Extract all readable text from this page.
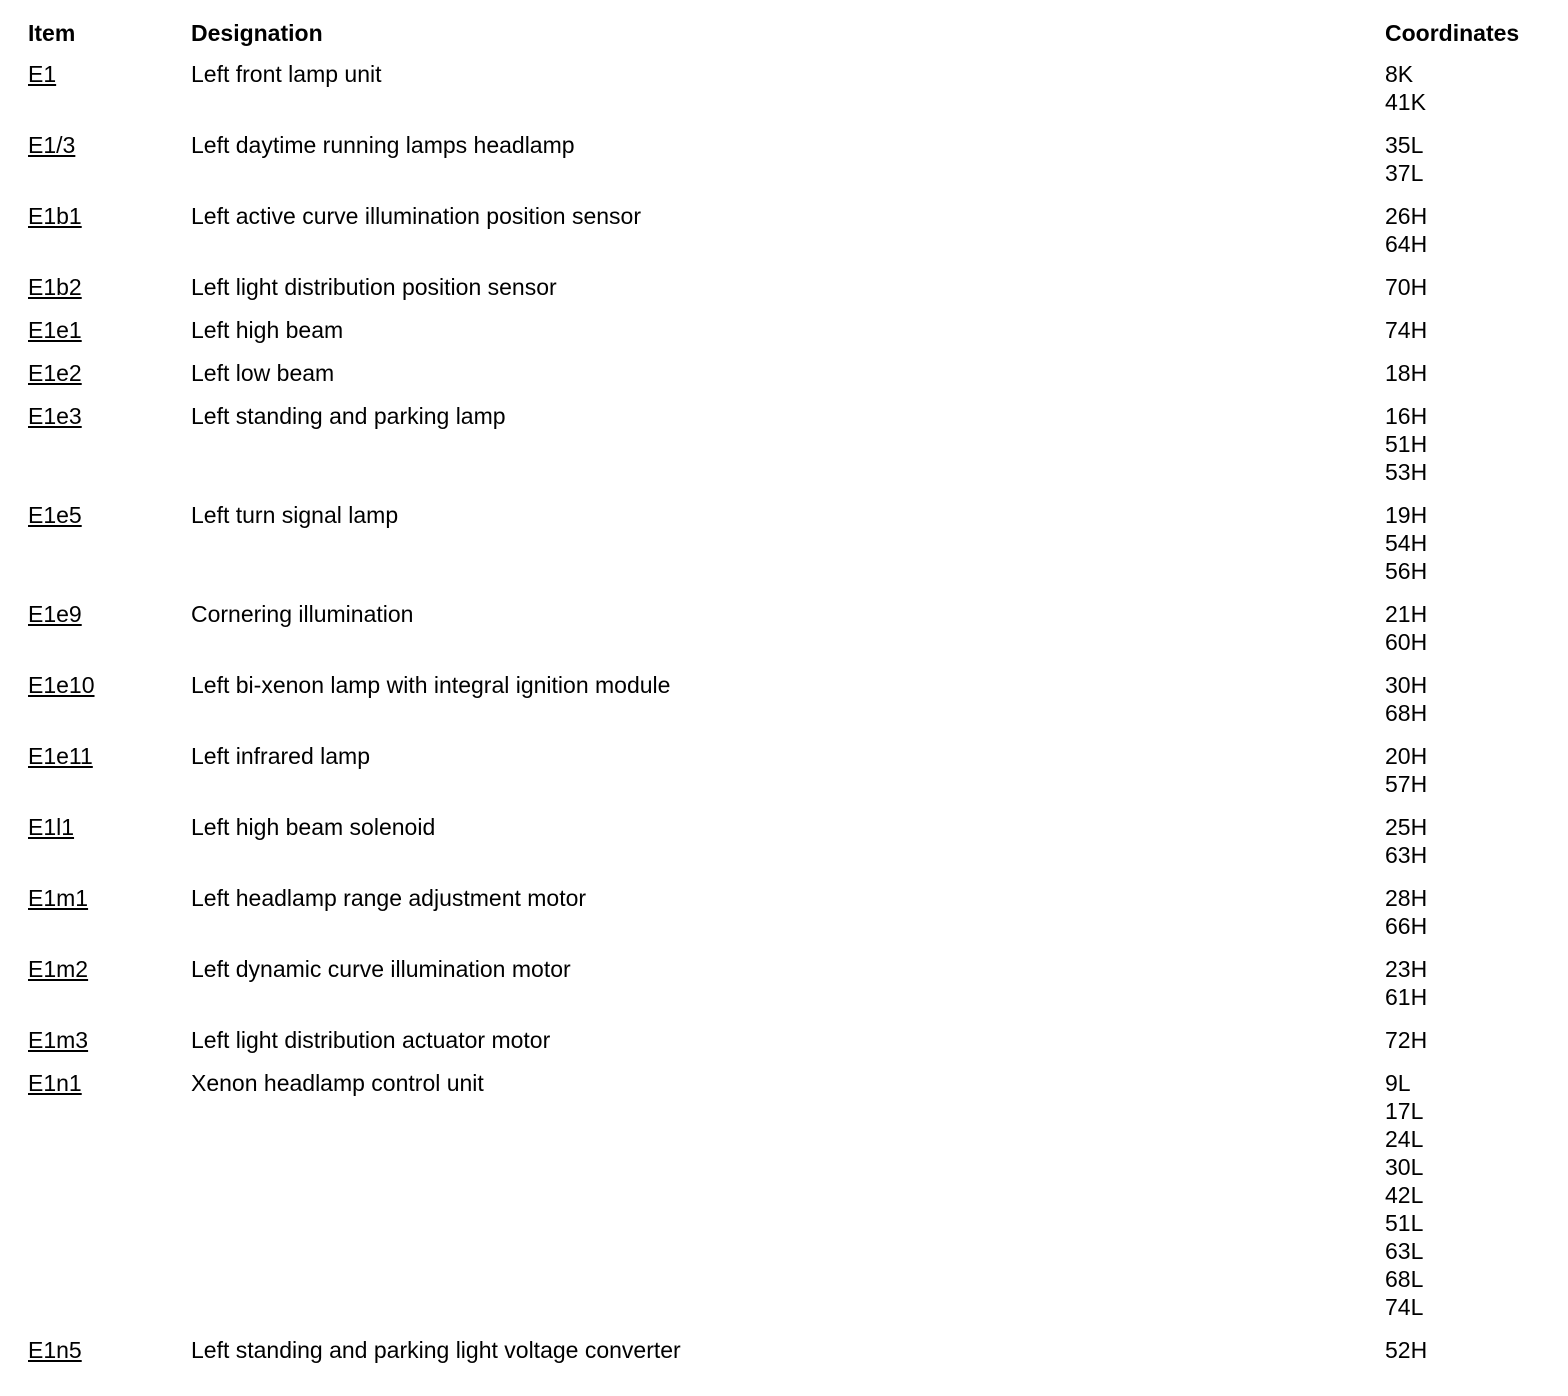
Item	Designation	Coordinates
E1	Left front lamp unit	8K
41K
E1/3	Left daytime running lamps headlamp	35L
37L
E1b1	Left active curve illumination position sensor	26H
64H
E1b2	Left light distribution position sensor	70H
E1e1	Left high beam	74H
E1e2	Left low beam	18H
E1e3	Left standing and parking lamp	16H
51H
53H
E1e5	Left turn signal lamp	19H
54H
56H
E1e9	Cornering illumination	21H
60H
E1e10	Left bi-xenon lamp with integral ignition module	30H
68H
E1e11	Left infrared lamp	20H
57H
E1l1	Left high beam solenoid	25H
63H
E1m1	Left headlamp range adjustment motor	28H
66H
E1m2	Left dynamic curve illumination motor	23H
61H
E1m3	Left light distribution actuator motor	72H
E1n1	Xenon headlamp control unit	9L
17L
24L
30L
42L
51L
63L
68L
74L
E1n5	Left standing and parking light voltage converter	52H
